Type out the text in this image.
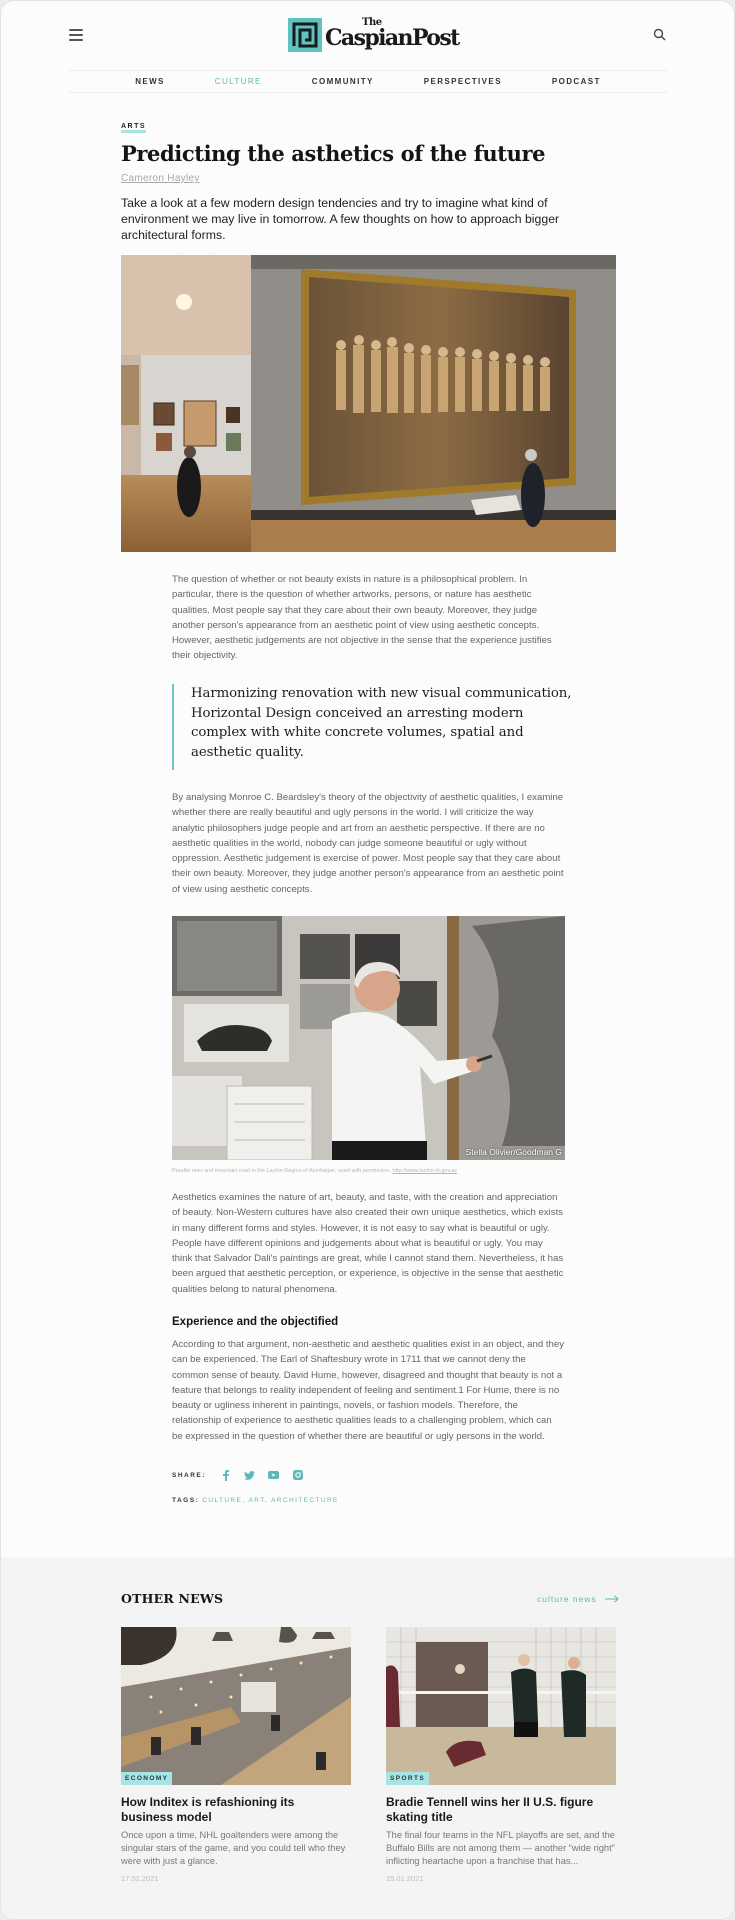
The
CaspianPost
NEWS	CULTURE	COMMUNITY	PERSPECTIVES	PODCAST
ARTS
Predicting the asthetics of the future
Cameron Hayley

Take a look at a few modern design tendencies and try to imagine what kind of environment we may live in tomorrow. A few thoughts on how to approach bigger architectural forms.

The question of whether or not beauty exists in nature is a philosophical problem. In particular, there is the question of whether artworks, persons, or nature has aesthetic qualities. Most people say that they care about their own beauty. Moreover, they judge another person's appearance from an aesthetic point of view using aesthetic concepts. However, aesthetic judgements are not objective in the sense that the experience justifies their objectivity.

Harmonizing renovation with new visual communication, Horizontal Design conceived an arresting modern complex with white concrete volumes, spatial and aesthetic quality.

By analysing Monroe C. Beardsley's theory of the objectivity of aesthetic qualities, I examine whether there are really beautiful and ugly persons in the world. I will criticize the way analytic philosophers judge people and art from an aesthetic perspective. If there are no aesthetic qualities in the world, nobody can judge someone beautiful or ugly without oppression. Aesthetic judgement is exercise of power. Most people say that they care about their own beauty. Moreover, they judge another person's appearance from an aesthetic point of view using aesthetic concepts.

Stella Olivier/Goodman G

Parallel river and mountain road in the Lachin Region of Azerbaijan, used with permission. http://www.lachin-ih.gov.az

Aesthetics examines the nature of art, beauty, and taste, with the creation and appreciation of beauty. Non-Western cultures have also created their own unique aesthetics, which exists in many different forms and styles. However, it is not easy to say what is beautiful or ugly. People have different opinions and judgements about what is beautiful or ugly. You may think that Salvador Dali's paintings are great, while I cannot stand them. Nevertheless, it has been argued that aesthetic perception, or experience, is objective in the sense that aesthetic qualities belong to natural phenomena.

Experience and the objectified

According to that argument, non-aesthetic and aesthetic qualities exist in an object, and they can be experienced. The Earl of Shaftesbury wrote in 1711 that we cannot deny the common sense of beauty. David Hume, however, disagreed and thought that beauty is not a feature that belongs to reality independent of feeling and sentiment.1 For Hume, there is no beauty or ugliness inherent in paintings, novels, or fashion models. Therefore, the relationship of experience to aesthetic qualities leads to a challenging problem, which can be expressed in the question of whether there are beautiful or ugly persons in the world.

SHARE:
TAGS: CULTURE, ART, ARCHITECTURE
OTHER NEWS	culture news
ECONOMY
How Inditex is refashioning its business model

Once upon a time, NHL goaltenders were among the singular stars of the game, and you could tell who they were with just a glance.

17.01.2021

SPORTS
Bradie Tennell wins her II U.S. figure skating title

The final four teams in the NFL playoffs are set, and the Buffalo Bills are not among them — another “wide right” inflicting heartache upon a franchise that has...

15.01.2021
